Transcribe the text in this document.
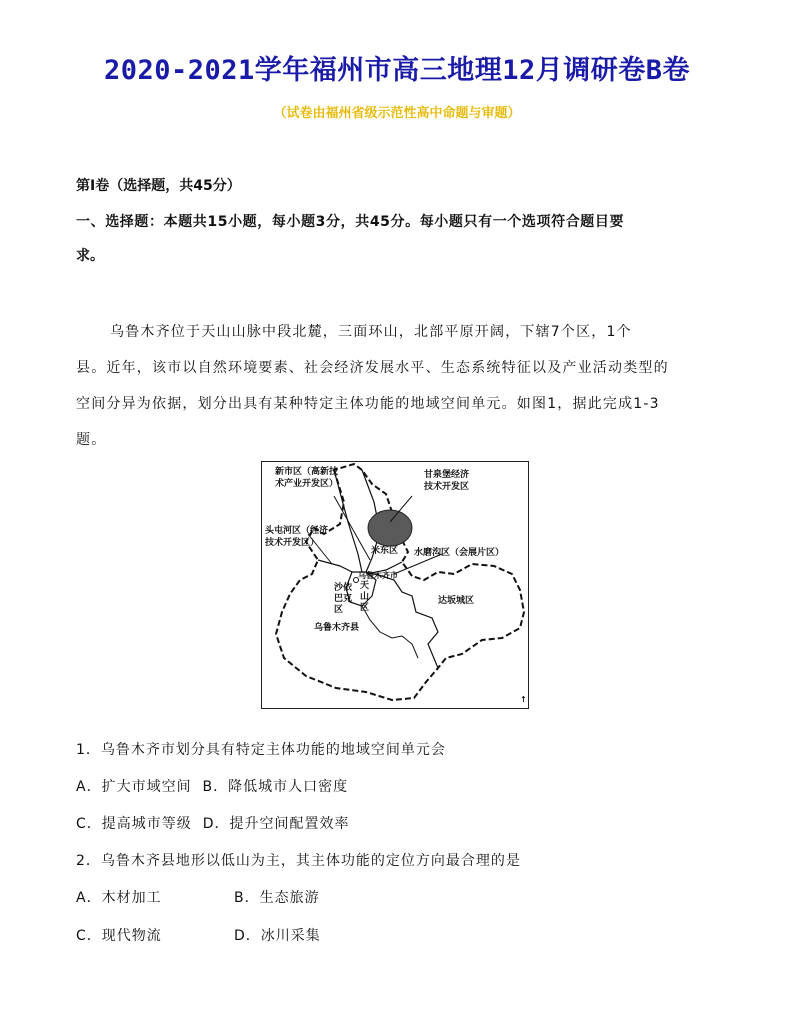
2020-2021学年福州市高三地理12月调研卷B卷
（试卷由福州省级示范性高中命题与审题）
第Ⅰ卷（选择题，共45分）
一、选择题：本题共15小题，每小题3分，共45分。每小题只有一个选项符合题目要
求。
乌鲁木齐位于天山山脉中段北麓，三面环山，北部平原开阔，下辖7个区，1个
县。近年，该市以自然环境要素、社会经济发展水平、生态系统特征以及产业活动类型的
空间分异为依据，划分出具有某种特定主体功能的地域空间单元。如图1，据此完成1-3
题。
新市区（高新技
术产业开发区）
甘泉堡经济
技术开发区
头屯河区（经济
技术开发区）
米东区 水磨沟区（会展片区）
乌鲁木齐市
沙依
巴克
区
天
山
区
达坂城区
乌鲁木齐县
↑
1．乌鲁木齐市划分具有特定主体功能的地域空间单元会
A．扩大市域空间 B．降低城市人口密度
C．提高城市等级 D．提升空间配置效率
2．乌鲁木齐县地形以低山为主，其主体功能的定位方向最合理的是
A．木材加工	B．生态旅游
C．现代物流	D．冰川采集
